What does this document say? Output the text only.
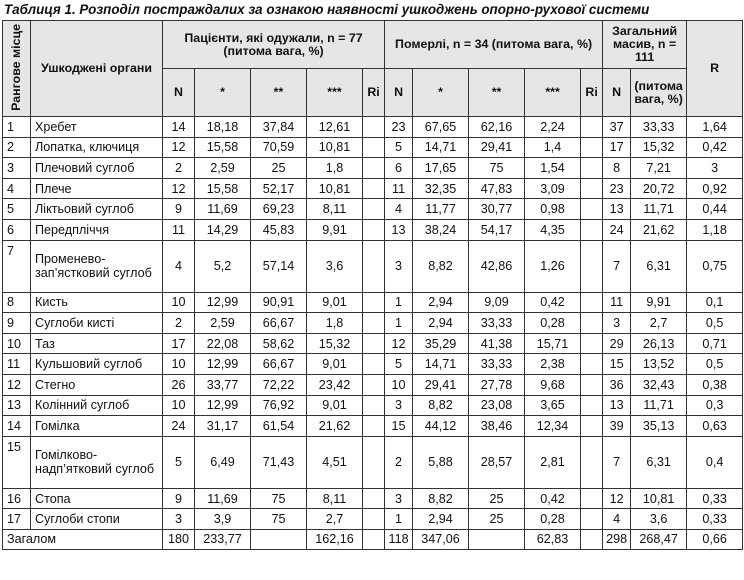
Таблиця 1. Розподіл постраждалих за ознакою наявності ушкоджень опорно-рухової системи
Рангове місце	Ушкоджені органи	Пацієнти, які одужали, n = 77 (питома вага, %)					Померлі, n = 34 (питома вага, %)					Загальний масив, n = 111		R
		N	*	**	***	Ri	N	*	**	***	Ri	N	(питома вага, %)	
1	Хребет	14	18,18	37,84	12,61		23	67,65	62,16	2,24		37	33,33	1,64
2	Лопатка, ключиця	12	15,58	70,59	10,81		5	14,71	29,41	1,4		17	15,32	0,42
3	Плечовий суглоб	2	2,59	25	1,8		6	17,65	75	1,54		8	7,21	3
4	Плече	12	15,58	52,17	10,81		11	32,35	47,83	3,09		23	20,72	0,92
5	Ліктьовий суглоб	9	11,69	69,23	8,11		4	11,77	30,77	0,98		13	11,71	0,44
6	Передпліччя	11	14,29	45,83	9,91		13	38,24	54,17	4,35		24	21,62	1,18
7	Променево-зап’ястковий суглоб	4	5,2	57,14	3,6		3	8,82	42,86	1,26		7	6,31	0,75
8	Кисть	10	12,99	90,91	9,01		1	2,94	9,09	0,42		11	9,91	0,1
9	Суглоби кисті	2	2,59	66,67	1,8		1	2,94	33,33	0,28		3	2,7	0,5
10	Таз	17	22,08	58,62	15,32		12	35,29	41,38	15,71		29	26,13	0,71
11	Кульшовий суглоб	10	12,99	66,67	9,01		5	14,71	33,33	2,38		15	13,52	0,5
12	Стегно	26	33,77	72,22	23,42		10	29,41	27,78	9,68		36	32,43	0,38
13	Колінний суглоб	10	12,99	76,92	9,01		3	8,82	23,08	3,65		13	11,71	0,3
14	Гомілка	24	31,17	61,54	21,62		15	44,12	38,46	12,34		39	35,13	0,63
15	Гомілково-надп’ятковий суглоб	5	6,49	71,43	4,51		2	5,88	28,57	2,81		7	6,31	0,4
16	Стопа	9	11,69	75	8,11		3	8,82	25	0,42		12	10,81	0,33
17	Суглоби стопи	3	3,9	75	2,7		1	2,94	25	0,28		4	3,6	0,33
Загалом		180	233,77		162,16		118	347,06		62,83		298	268,47	0,66
